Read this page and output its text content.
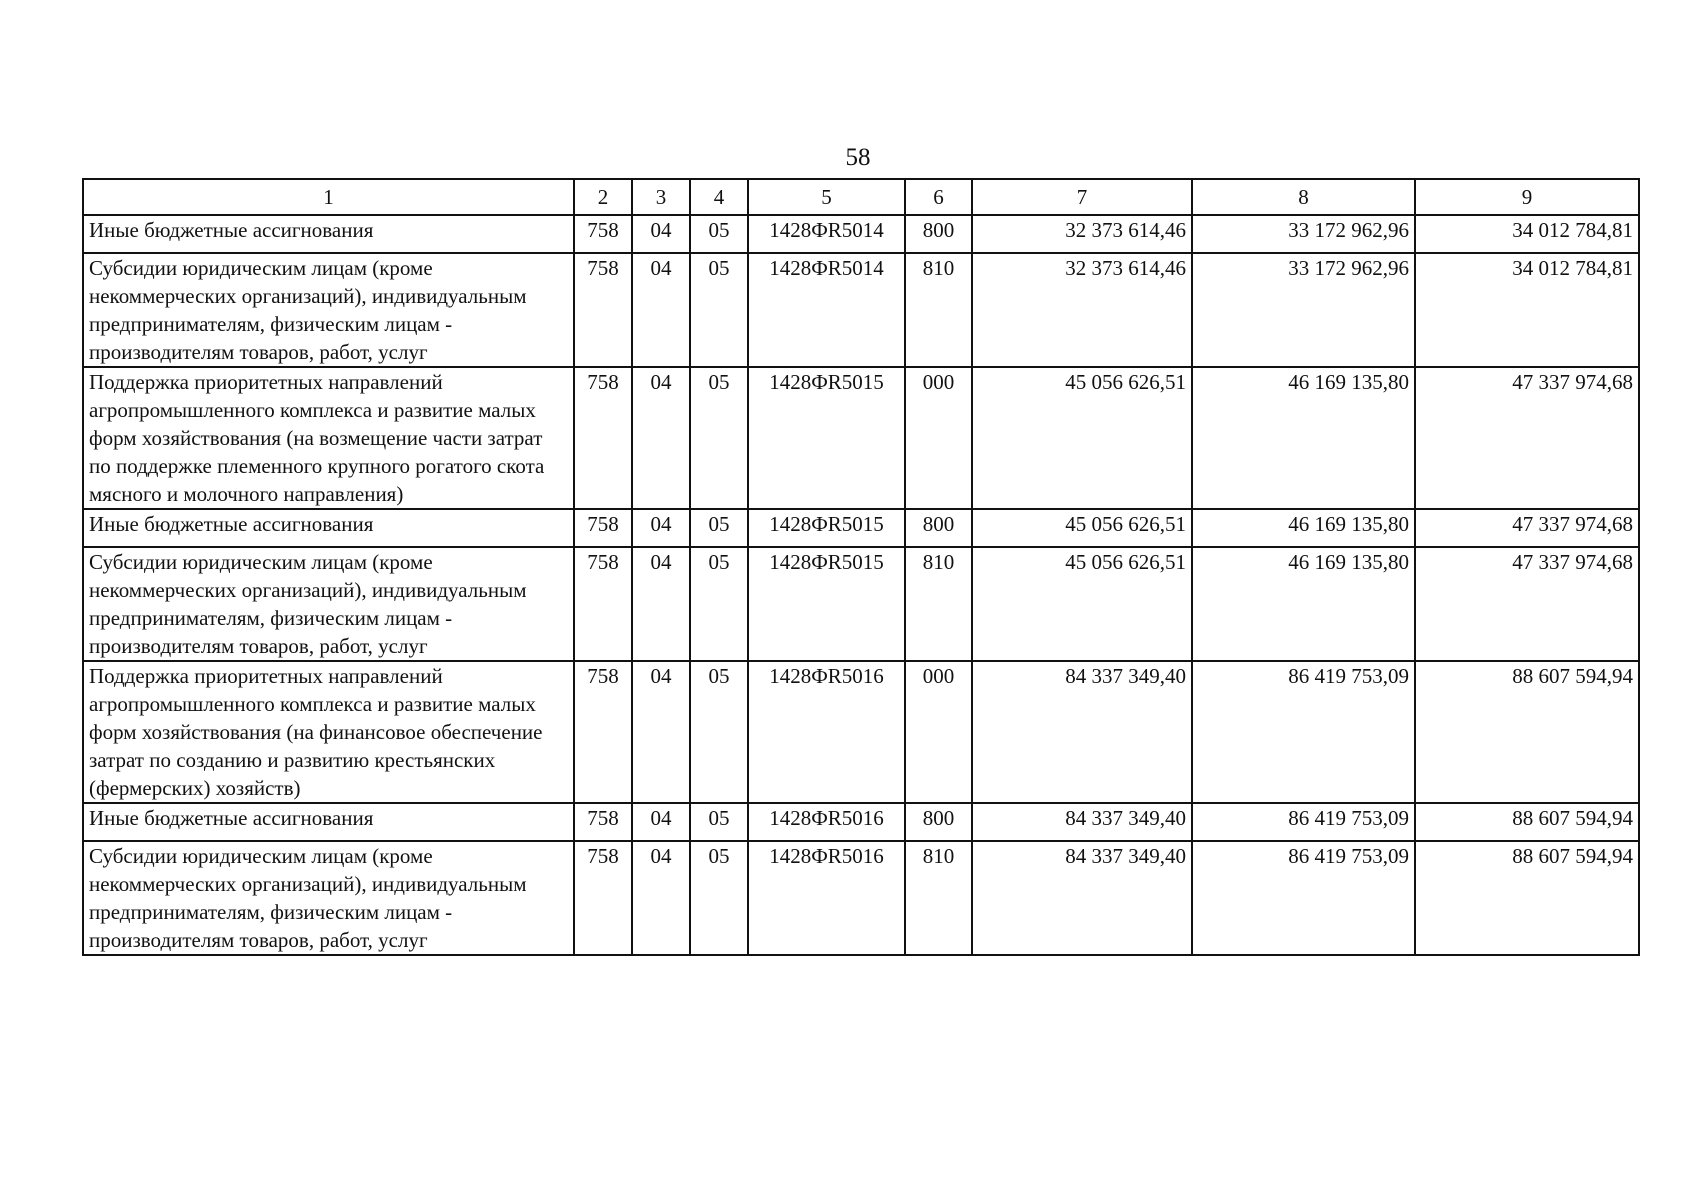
58
1	2	3	4	5	6	7	8	9
Иные бюджетные ассигнования	758	04	05	1428ФR5014	800	32 373 614,46	33 172 962,96	34 012 784,81
Субсидии юридическим лицам (кроме некоммерческих организаций), индивидуальным предпринимателям, физическим лицам - производителям товаров, работ, услуг	758	04	05	1428ФR5014	810	32 373 614,46	33 172 962,96	34 012 784,81
Поддержка приоритетных направлений агропромышленного комплекса и развитие малых форм хозяйствования (на возмещение части затрат по поддержке племенного крупного рогатого скота мясного и молочного направления)	758	04	05	1428ФR5015	000	45 056 626,51	46 169 135,80	47 337 974,68
Иные бюджетные ассигнования	758	04	05	1428ФR5015	800	45 056 626,51	46 169 135,80	47 337 974,68
Субсидии юридическим лицам (кроме некоммерческих организаций), индивидуальным предпринимателям, физическим лицам - производителям товаров, работ, услуг	758	04	05	1428ФR5015	810	45 056 626,51	46 169 135,80	47 337 974,68
Поддержка приоритетных направлений агропромышленного комплекса и развитие малых форм хозяйствования (на финансовое обеспечение затрат по созданию и развитию крестьянских (фермерских) хозяйств)	758	04	05	1428ФR5016	000	84 337 349,40	86 419 753,09	88 607 594,94
Иные бюджетные ассигнования	758	04	05	1428ФR5016	800	84 337 349,40	86 419 753,09	88 607 594,94
Субсидии юридическим лицам (кроме некоммерческих организаций), индивидуальным предпринимателям, физическим лицам - производителям товаров, работ, услуг	758	04	05	1428ФR5016	810	84 337 349,40	86 419 753,09	88 607 594,94
